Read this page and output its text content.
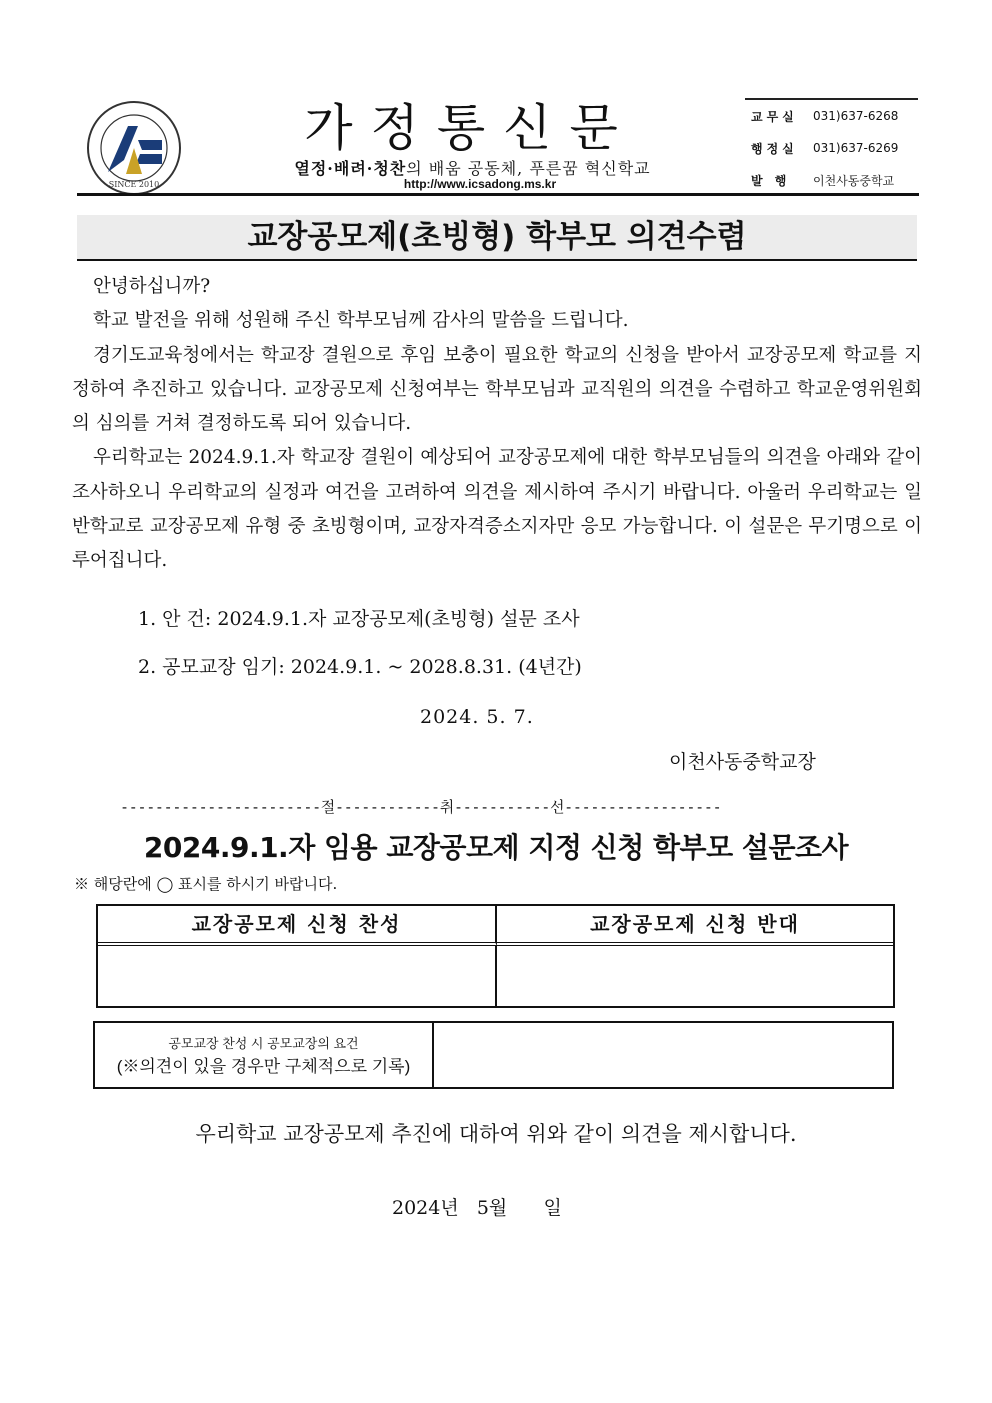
SINCE 2010
가정통신문
열정·배려·청찬의 배움 공동체, 푸른꿈 혁신학교
http://www.icsadong.ms.kr
교무실	031)637-6268
행정실	031)637-6269
발 행	이천사동중학교
교장공모제(초빙형) 학부모 의견수렴

안녕하십니까?

학교 발전을 위해 성원해 주신 학부모님께 감사의 말씀을 드립니다.

경기도교육청에서는 학교장 결원으로 후임 보충이 필요한 학교의 신청을 받아서 교장공모제 학교를 지정하여 추진하고 있습니다. 교장공모제 신청여부는 학부모님과 교직원의 의견을 수렴하고 학교운영위원회의 심의를 거쳐 결정하도록 되어 있습니다.

우리학교는 2024.9.1.자 학교장 결원이 예상되어 교장공모제에 대한 학부모님들의 의견을 아래와 같이 조사하오니 우리학교의 실정과 여건을 고려하여 의견을 제시하여 주시기 바랍니다. 아울러 우리학교는 일반학교로 교장공모제 유형 중 초빙형이며, 교장자격증소지자만 응모 가능합니다. 이 설문은 무기명으로 이루어집니다.

1. 안 건: 2024.9.1.자 교장공모제(초빙형) 설문 조사
2. 공모교장 임기: 2024.9.1. ~ 2028.8.31. (4년간)
2024. 5. 7.
이천사동중학교장
-----------------------절------------취-----------선------------------
2024.9.1.자 임용 교장공모제 지정 신청 학부모 설문조사
※ 해당란에 ◯ 표시를 하시기 바랍니다.
교장공모제 신청 찬성	교장공모제 신청 반대
공모교장 찬성 시 공모교장의 요건
(※의견이 있을 경우만 구체적으로 기록)
우리학교 교장공모제 추진에 대하여 위와 같이 의견을 제시합니다.
2024년   5월      일
